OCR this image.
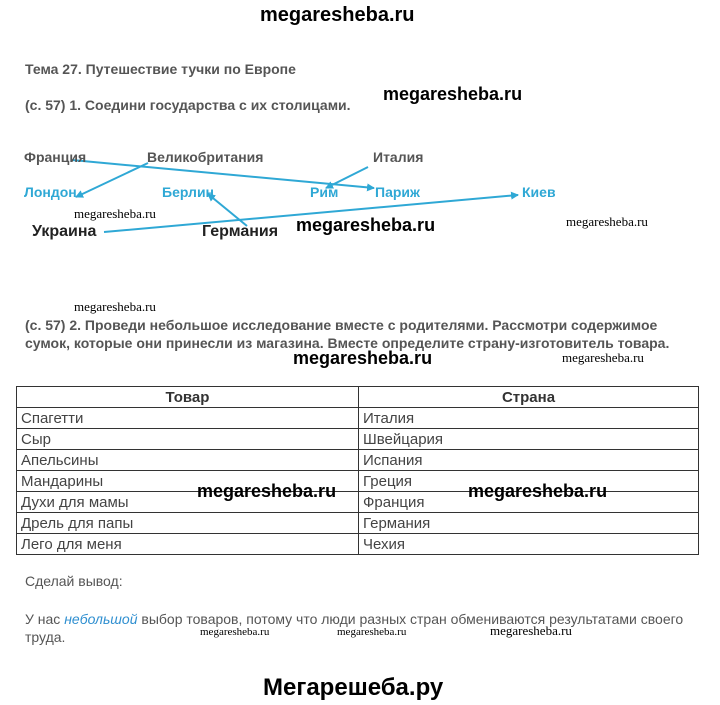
megaresheba.ru
megaresheba.ru
megaresheba.ru
megaresheba.ru	megaresheba.ru
megaresheba.ru
megaresheba.ru	megaresheba.ru
Тема 27. Путешествие тучки по Европе
(с. 57) 1. Соедини государства с их столицами.
Франция	Великобритания	Италия
Украина	Германия
Лондон	Берлин	Рим	Париж	Киев
(с. 57) 2. Проведи небольшое исследование вместе с родителями. Рассмотри содержимое сумок, которые они принесли из магазина. Вместе определите страну-изготовитель товара.
Товар	Страна
Спагетти	Италия
Сыр	Швейцария
Апельсины	Испания
Мандарины	Греция
Духи для мамы	Франция
Дрель для папы	Германия
Лего для меня	Чехия
megaresheba.ru	megaresheba.ru
Сделай вывод:
У нас небольшой выбор товаров, потому что люди разных стран обмениваются результатами своего труда.	megaresheba.ru	megaresheba.ru	megaresheba.ru
Мегарешеба.ру
